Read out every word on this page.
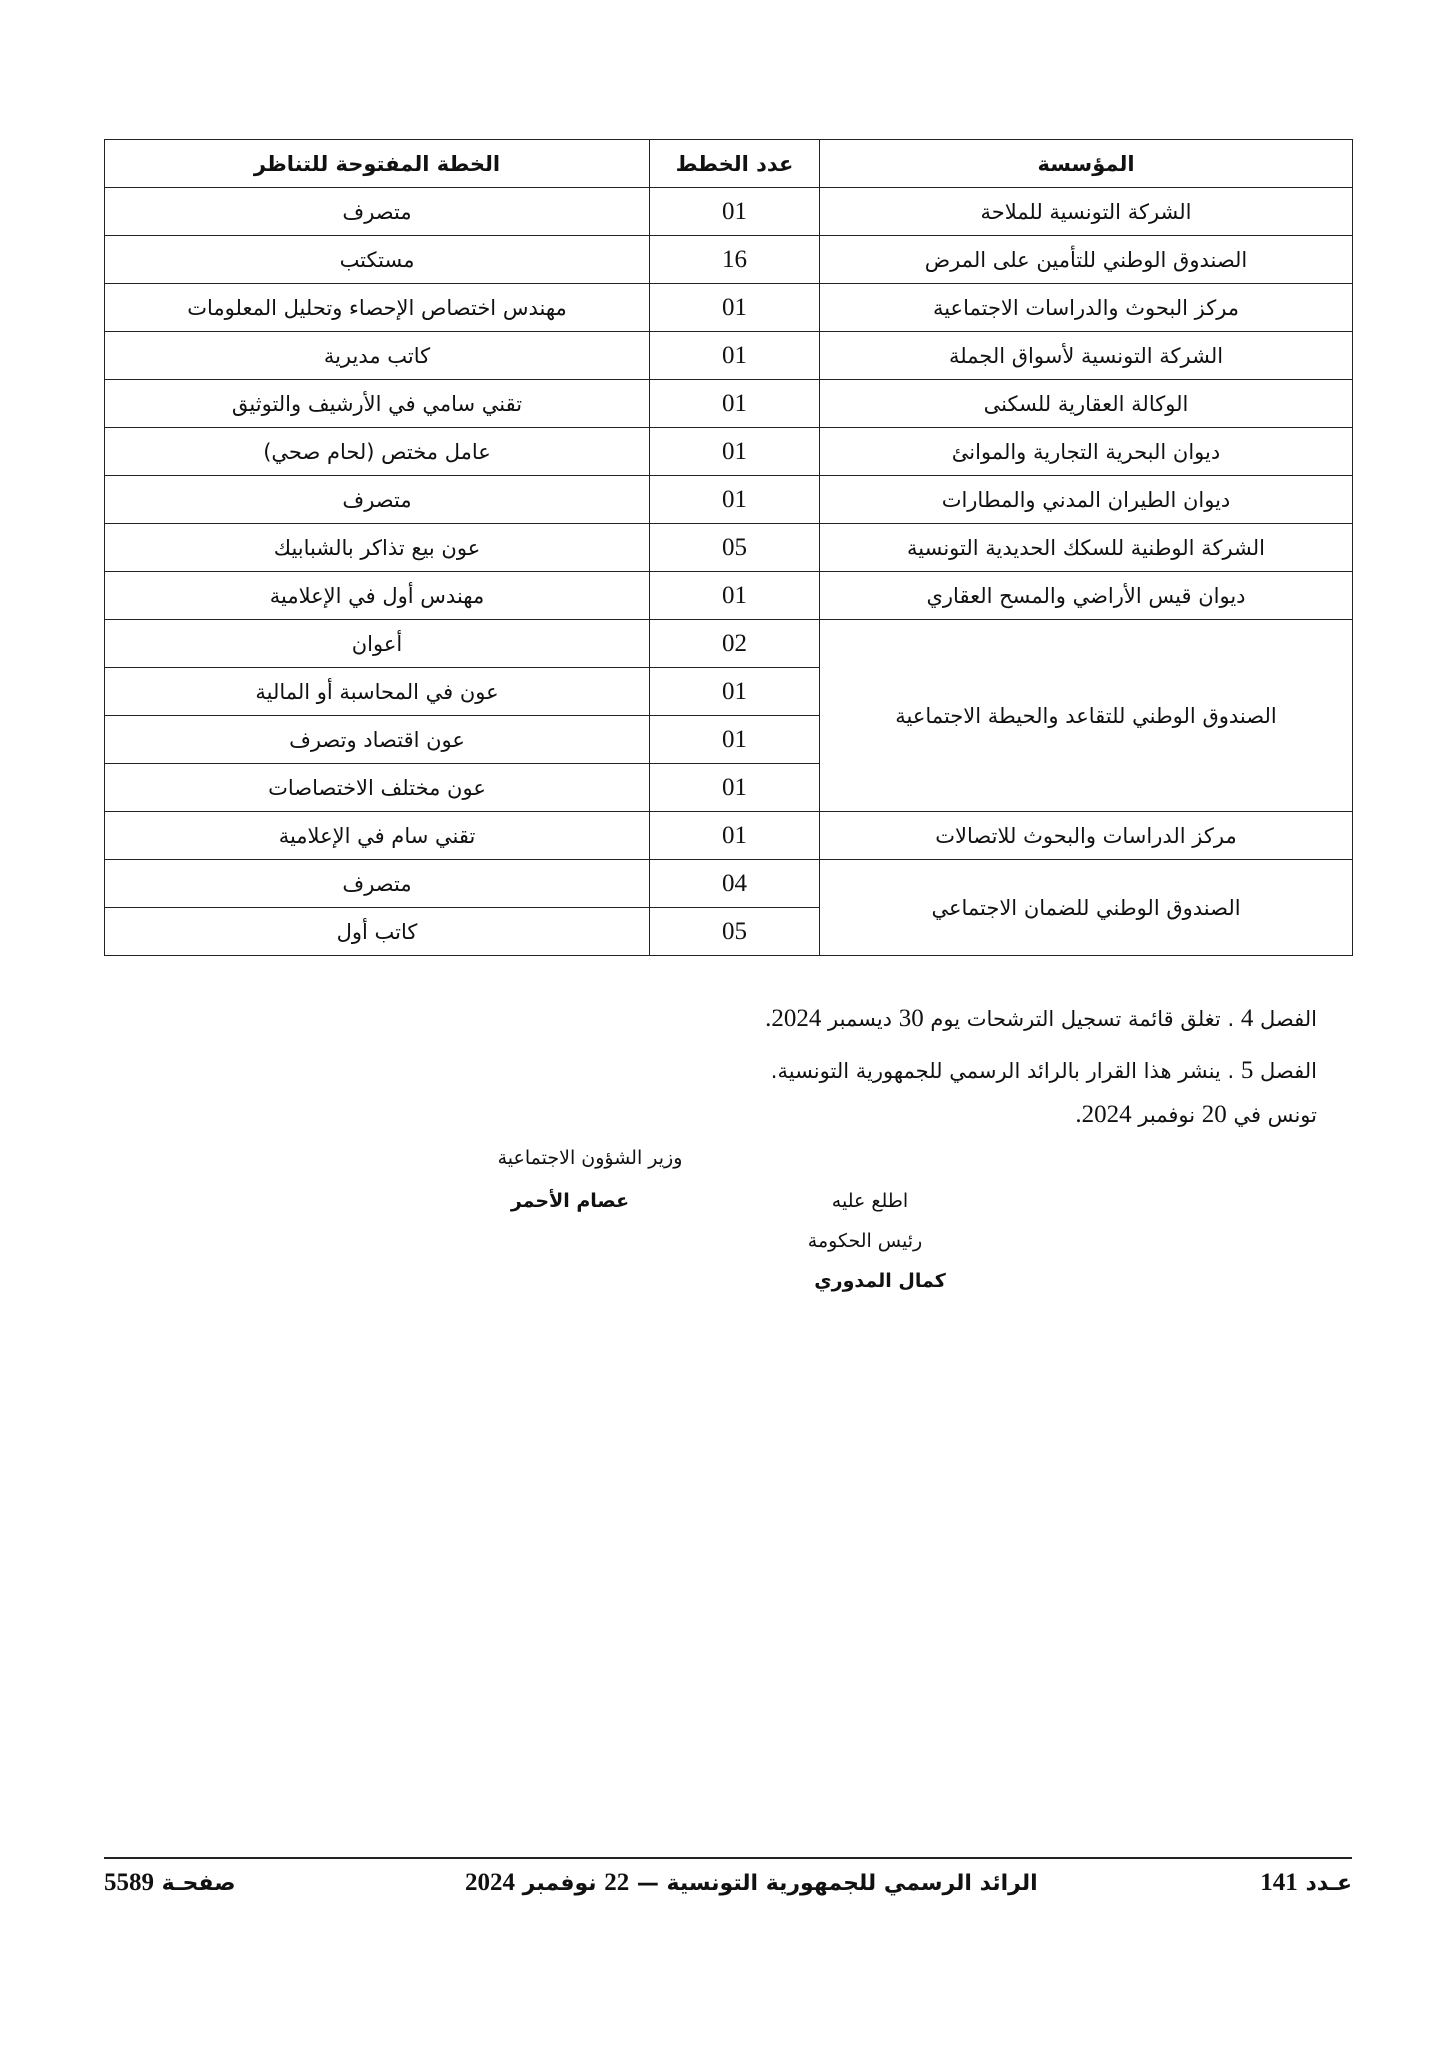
المؤسسة	عدد الخطط	الخطة المفتوحة للتناظر
الشركة التونسية للملاحة	01	متصرف
الصندوق الوطني للتأمين على المرض	16	مستكتب
مركز البحوث والدراسات الاجتماعية	01	مهندس اختصاص الإحصاء وتحليل المعلومات
الشركة التونسية لأسواق الجملة	01	كاتب مديرية
الوكالة العقارية للسكنى	01	تقني سامي في الأرشيف والتوثيق
ديوان البحرية التجارية والموانئ	01	عامل مختص (لحام صحي)
ديوان الطيران المدني والمطارات	01	متصرف
الشركة الوطنية للسكك الحديدية التونسية	05	عون بيع تذاكر بالشبابيك
ديوان قيس الأراضي والمسح العقاري	01	مهندس أول في الإعلامية
الصندوق الوطني للتقاعد والحيطة الاجتماعية	02	أعوان
	01	عون في المحاسبة أو المالية
	01	عون اقتصاد وتصرف
	01	عون مختلف الاختصاصات
مركز الدراسات والبحوث للاتصالات	01	تقني سام في الإعلامية
الصندوق الوطني للضمان الاجتماعي	04	متصرف
	05	كاتب أول
الفصل 4 . تغلق قائمة تسجيل الترشحات يوم 30 ديسمبر 2024.
الفصل 5 . ينشر هذا القرار بالرائد الرسمي للجمهورية التونسية.
تونس في 20 نوفمبر 2024.
وزير الشؤون الاجتماعية
عصام الأحمر	اطلع عليه
رئيس الحكومة
كمال المدوري
عـدد 141
الرائد الرسمي للجمهورية التونسية — 22 نوفمبر 2024
صفحـة 5589
